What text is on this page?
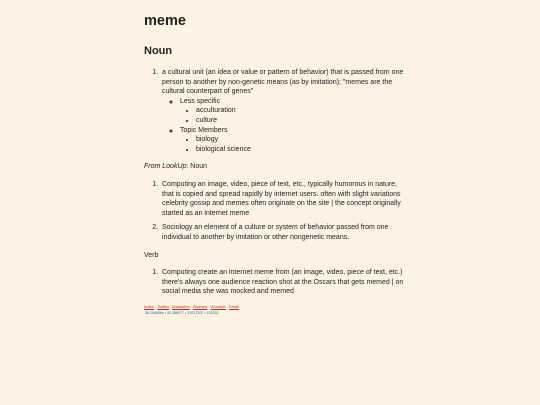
meme
Noun
1. a cultural unit (an idea or value or pattern of behavior) that is passed from one person to another by non-genetic means (as by imitation); "memes are the cultural counterpart of genes"
◦ Less specific
• acculturation
• culture
◦ Topic Members
• biology
• biological science
From LookUp: Noun
1. Computing an image, video, piece of text, etc., typically humorous in nature, that is copied and spread rapidly by internet users. often with slight variations celebrity gossip and memes often originate on the site | the concept originally started as an internet meme
2. Sociology an element of a culture or system of behavior passed from one individual to another by imitation or other nongenetic means.
Verb
1. Computing create an internet meme from (an image, video, piece of text, etc.) there's always one audience reaction shot at the Oscars that gets memed | on social media she was mocked and memed
Index·Twitter·Mastodon·Bluesky·Wordnet·Email
36.104606s • 92.388077 • 12017202 • 132232
